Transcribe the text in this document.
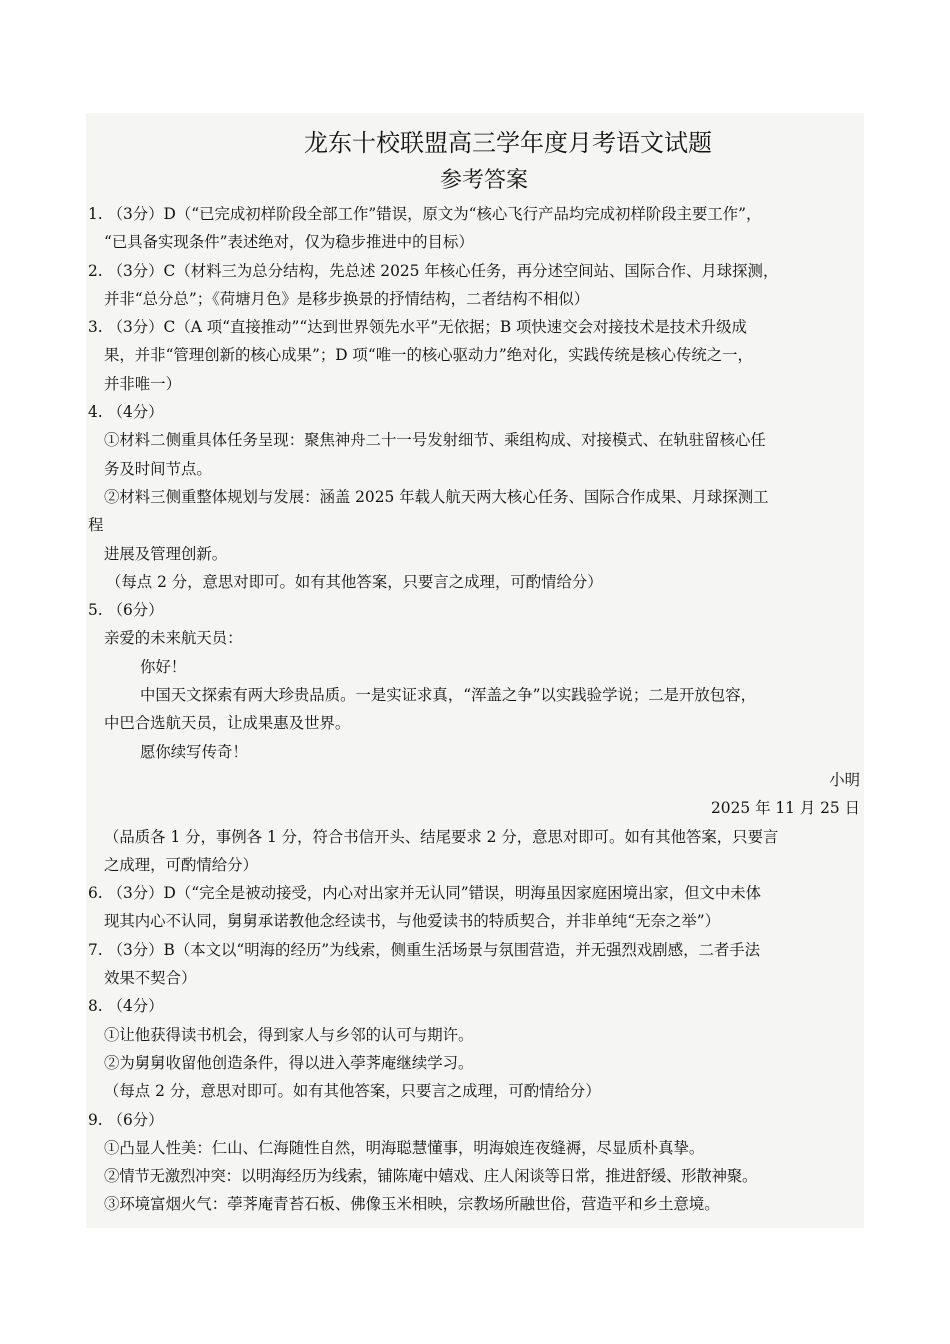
龙东十校联盟高三学年度月考语文试题
参考答案
1. （3分）D（“已完成初样阶段全部工作”错误，原文为“核心飞行产品均完成初样阶段主要工作”，
“已具备实现条件”表述绝对，仅为稳步推进中的目标）
2. （3分）C（材料三为总分结构，先总述 2025 年核心任务，再分述空间站、国际合作、月球探测，
并非“总分总”；《荷塘月色》是移步换景的抒情结构，二者结构不相似）
3. （3分）C（A 项“直接推动”“达到世界领先水平”无依据；B 项快速交会对接技术是技术升级成
果，并非“管理创新的核心成果”；D 项“唯一的核心驱动力”绝对化，实践传统是核心传统之一，
并非唯一）
4. （4分）
①材料二侧重具体任务呈现：聚焦神舟二十一号发射细节、乘组构成、对接模式、在轨驻留核心任
务及时间节点。
②材料三侧重整体规划与发展：涵盖 2025 年载人航天两大核心任务、国际合作成果、月球探测工
程
进展及管理创新。
（每点 2 分，意思对即可。如有其他答案，只要言之成理，可酌情给分）
5. （6分）
亲爱的未来航天员：
你好！
中国天文探索有两大珍贵品质。一是实证求真，“浑盖之争”以实践验学说；二是开放包容，
中巴合选航天员，让成果惠及世界。
愿你续写传奇！
小明
2025 年 11 月 25 日
（品质各 1 分，事例各 1 分，符合书信开头、结尾要求 2 分，意思对即可。如有其他答案，只要言
之成理，可酌情给分）
6. （3分）D（“完全是被动接受，内心对出家并无认同”错误，明海虽因家庭困境出家，但文中未体
现其内心不认同，舅舅承诺教他念经读书，与他爱读书的特质契合，并非单纯“无奈之举”）
7. （3分）B（本文以“明海的经历”为线索，侧重生活场景与氛围营造，并无强烈戏剧感，二者手法
效果不契合）
8. （4分）
①让他获得读书机会，得到家人与乡邻的认可与期许。
②为舅舅收留他创造条件，得以进入荸荠庵继续学习。
（每点 2 分，意思对即可。如有其他答案，只要言之成理，可酌情给分）
9. （6分）
①凸显人性美：仁山、仁海随性自然，明海聪慧懂事，明海娘连夜缝褥，尽显质朴真挚。
②情节无激烈冲突：以明海经历为线索，铺陈庵中嬉戏、庄人闲谈等日常，推进舒缓、形散神聚。
③环境富烟火气：荸荠庵青苔石板、佛像玉米相映，宗教场所融世俗，营造平和乡土意境。
